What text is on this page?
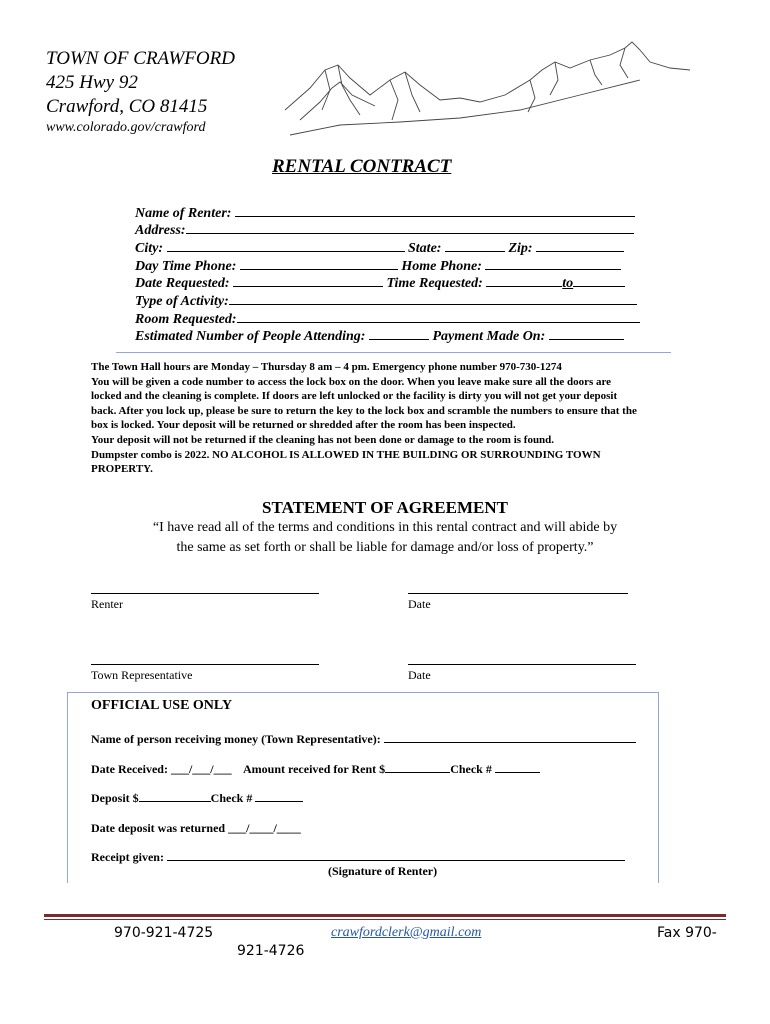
TOWN OF CRAWFORD
425 Hwy 92
Crawford, CO 81415
www.colorado.gov/crawford
RENTAL CONTRACT
Name of Renter:
Address:
City:	State:	Zip:
Day Time Phone:	Home Phone:
Date Requested:	Time Requested:	to
Type of Activity:
Room Requested:
Estimated Number of People Attending:	Payment Made On:
The Town Hall hours are Monday – Thursday 8 am – 4 pm. Emergency phone number 970-730-1274
You will be given a code number to access the lock box on the door. When you leave make sure all the doors are
locked and the cleaning is complete. If doors are left unlocked or the facility is dirty you will not get your deposit
back. After you lock up, please be sure to return the key to the lock box and scramble the numbers to ensure that the
box is locked. Your deposit will be returned or shredded after the room has been inspected.
Your deposit will not be returned if the cleaning has not been done or damage to the room is found.
Dumpster combo is 2022. NO ALCOHOL IS ALLOWED IN THE BUILDING OR SURROUNDING TOWN
PROPERTY.
STATEMENT OF AGREEMENT
“I have read all of the terms and conditions in this rental contract and will abide by
the same as set forth or shall be liable for damage and/or loss of property.”
Renter	Date
Town Representative	Date
OFFICIAL USE ONLY
Name of person receiving money (Town Representative):
Date Received: ___/___/___ Amount received for Rent $	Check #
Deposit $	Check #
Date deposit was returned ___/____/____
Receipt given:
(Signature of Renter)
970-921-4725	crawfordclerk@gmail.com	Fax 970-
921-4726
